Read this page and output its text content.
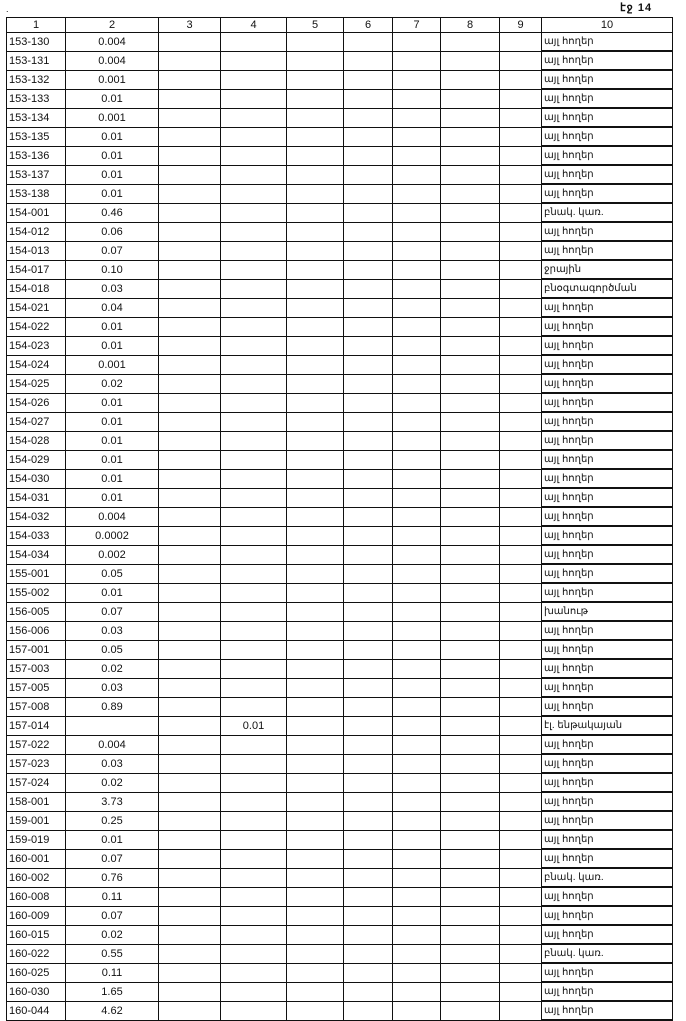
.	էջ 14
1	2	3	4	5	6	7	8	9	10
153-130	0.004								այլ հողեր
153-131	0.004								այլ հողեր
153-132	0.001								այլ հողեր
153-133	0.01								այլ հողեր
153-134	0.001								այլ հողեր
153-135	0.01								այլ հողեր
153-136	0.01								այլ հողեր
153-137	0.01								այլ հողեր
153-138	0.01								այլ հողեր
154-001	0.46								բնակ. կառ.
154-012	0.06								այլ հողեր
154-013	0.07								այլ հողեր
154-017	0.10								ջրային
154-018	0.03								բնօգտագործման
154-021	0.04								այլ հողեր
154-022	0.01								այլ հողեր
154-023	0.01								այլ հողեր
154-024	0.001								այլ հողեր
154-025	0.02								այլ հողեր
154-026	0.01								այլ հողեր
154-027	0.01								այլ հողեր
154-028	0.01								այլ հողեր
154-029	0.01								այլ հողեր
154-030	0.01								այլ հողեր
154-031	0.01								այլ հողեր
154-032	0.004								այլ հողեր
154-033	0.0002								այլ հողեր
154-034	0.002								այլ հողեր
155-001	0.05								այլ հողեր
155-002	0.01								այլ հողեր
156-005	0.07								խանութ
156-006	0.03								այլ հողեր
157-001	0.05								այլ հողեր
157-003	0.02								այլ հողեր
157-005	0.03								այլ հողեր
157-008	0.89								այլ հողեր
157-014			0.01						էլ. ենթակայան
157-022	0.004								այլ հողեր
157-023	0.03								այլ հողեր
157-024	0.02								այլ հողեր
158-001	3.73								այլ հողեր
159-001	0.25								այլ հողեր
159-019	0.01								այլ հողեր
160-001	0.07								այլ հողեր
160-002	0.76								բնակ. կառ.
160-008	0.11								այլ հողեր
160-009	0.07								այլ հողեր
160-015	0.02								այլ հողեր
160-022	0.55								բնակ. կառ.
160-025	0.11								այլ հողեր
160-030	1.65								այլ հողեր
160-044	4.62								այլ հողեր
